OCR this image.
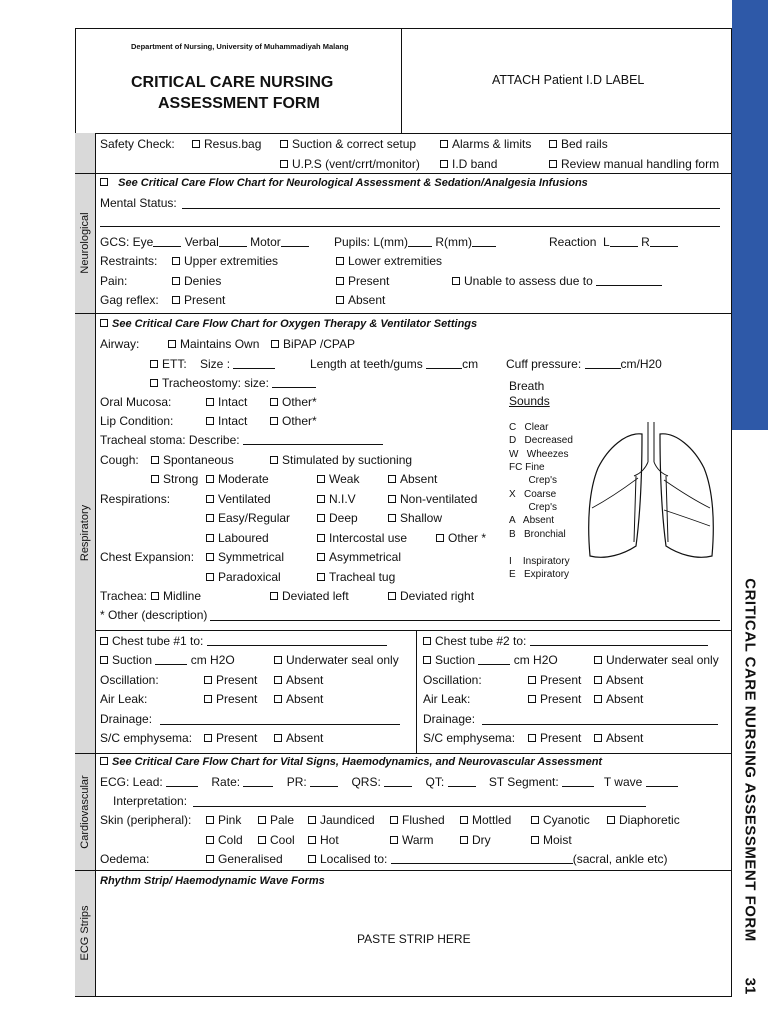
Neurological
Respiratory
Cardiovascular
ECG Strips
Department of Nursing, University of Muhammadiyah Malang
CRITICAL CARE NURSING
ASSESSMENT FORM
ATTACH Patient I.D LABEL
CRITICAL CARE NURSING ASSESSMENT FORM
31
Safety Check:	Resus.bag	Suction & correct setup	Alarms & limits	Bed rails
U.P.S (vent/crrt/monitor)	I.D band	Review manual handling form
See Critical Care Flow Chart for Neurological Assessment & Sedation/Analgesia Infusions
Mental Status:
GCS: Eye	Verbal	Motor	Pupils: L(mm) R(mm)	Reaction L	R
Restraints:	Upper extremities	Lower extremities
Pain:	Denies	Present	Unable to assess due to
Gag reflex:	Present	Absent
See Critical Care Flow Chart for Oxygen Therapy & Ventilator Settings
Airway:	Maintains Own	BiPAP /CPAP
ETT: Size :	Length at teeth/gums	cm Cuff pressure:	cm/H20
Tracheostomy: size:
Oral Mucosa:	Intact	Other*
Lip Condition:	Intact	Other*
Tracheal stoma: Describe:
Cough:	Spontaneous	Stimulated by suctioning
Strong	Moderate	Weak	Absent
Respirations:	Ventilated	N.I.V	Non-ventilated
Easy/Regular	Deep	Shallow
Laboured	Intercostal use	Other *
Chest Expansion:	Symmetrical	Asymmetrical
Paradoxical	Tracheal tug
Trachea:	Midline	Deviated left	Deviated right
* Other (description)
Breath
Sounds
C   Clear
D   Decreased
W   Wheezes
FC Fine
Crep's
X   Coarse
Crep's
A   Absent
B   Bronchial
I    Inspiratory
E   Expiratory
Chest tube #1 to:
Suction	cm H2O	Underwater seal only
Oscillation:	Present	Absent
Air Leak:	Present	Absent
Drainage:
S/C emphysema:	Present	Absent
Chest tube #2 to:
Suction	cm H2O	Underwater seal only
Oscillation:	Present	Absent
Air Leak:	Present	Absent
Drainage:
S/C emphysema:	Present	Absent
See Critical Care Flow Chart for Vital Signs, Haemodynamics, and Neurovascular Assessment
ECG: Lead:	Rate:	PR:	QRS:	QT:	ST Segment:	T wave
Interpretation:
Skin (peripheral):	Pink	Pale	Jaundiced	Flushed	Mottled	Cyanotic	Diaphoretic
Cold	Cool	Hot	Warm	Dry	Moist
Oedema:	Generalised	Localised to:	(sacral, ankle etc)
Rhythm Strip/ Haemodynamic Wave Forms
PASTE STRIP HERE
